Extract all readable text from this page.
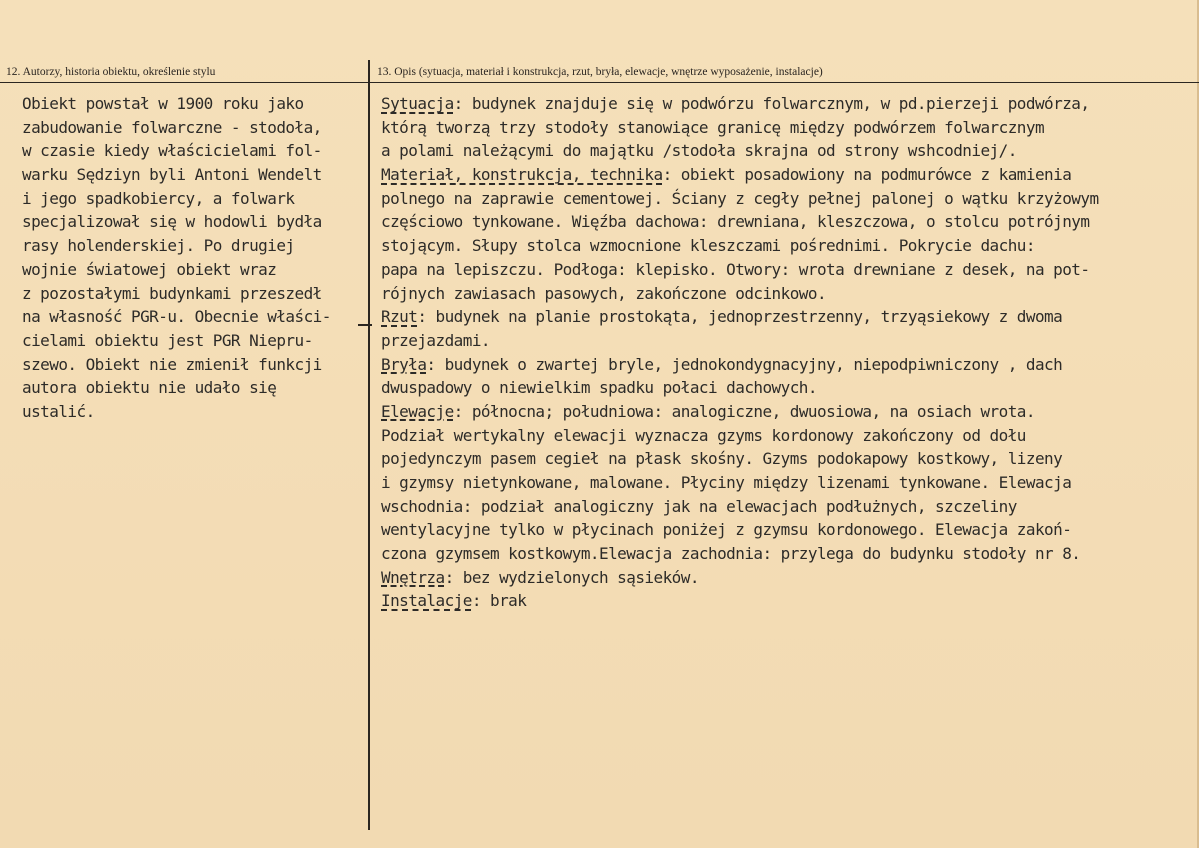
12. Autorzy, historia obiektu, określenie stylu	13. Opis (sytuacja, materiał i konstrukcja, rzut, bryła, elewacje, wnętrze wyposażenie, instalacje)
Obiekt powstał w 1900 roku jako
zabudowanie folwarczne - stodoła,
w czasie kiedy właścicielami fol-
warku Sędziyn byli Antoni Wendelt
i jego spadkobiercy, a folwark
specjalizował się w hodowli bydła
rasy holenderskiej. Po drugiej
wojnie światowej obiekt wraz
z pozostałymi budynkami przeszedł
na własność PGR-u. Obecnie właści-
cielami obiektu jest PGR Niepru-
szewo. Obiekt nie zmienił funkcji
autora obiektu nie udało się
ustalić.
Sytuacja: budynek znajduje się w podwórzu folwarcznym, w pd.pierzeji podwórza,
którą tworzą trzy stodoły stanowiące granicę między podwórzem folwarcznym
a polami należącymi do majątku /stodoła skrajna od strony wshcodniej/.
Materiał, konstrukcja, technika: obiekt posadowiony na podmurówce z kamienia
polnego na zaprawie cementowej. Ściany z cegły pełnej palonej o wątku krzyżowym
częściowo tynkowane. Więźba dachowa: drewniana, kleszczowa, o stolcu potrójnym
stojącym. Słupy stolca wzmocnione kleszczami pośrednimi. Pokrycie dachu:
papa na lepiszczu. Podłoga: klepisko. Otwory: wrota drewniane z desek, na pot-
rójnych zawiasach pasowych, zakończone odcinkowo.
Rzut: budynek na planie prostokąta, jednoprzestrzenny, trzyąsiekowy z dwoma
przejazdami.
Bryła: budynek o zwartej bryle, jednokondygnacyjny, niepodpiwniczony , dach
dwuspadowy o niewielkim spadku połaci dachowych.
Elewacje: północna; południowa: analogiczne, dwuosiowa, na osiach wrota.
Podział wertykalny elewacji wyznacza gzyms kordonowy zakończony od dołu
pojedynczym pasem cegieł na płask skośny. Gzyms podokapowy kostkowy, lizeny
i gzymsy nietynkowane, malowane. Płyciny między lizenami tynkowane. Elewacja
wschodnia: podział analogiczny jak na elewacjach podłużnych, szczeliny
wentylacyjne tylko w płycinach poniżej z gzymsu kordonowego. Elewacja zakoń-
czona gzymsem kostkowym.Elewacja zachodnia: przylega do budynku stodoły nr 8.
Wnętrza: bez wydzielonych sąsieków.
Instalacje: brak
